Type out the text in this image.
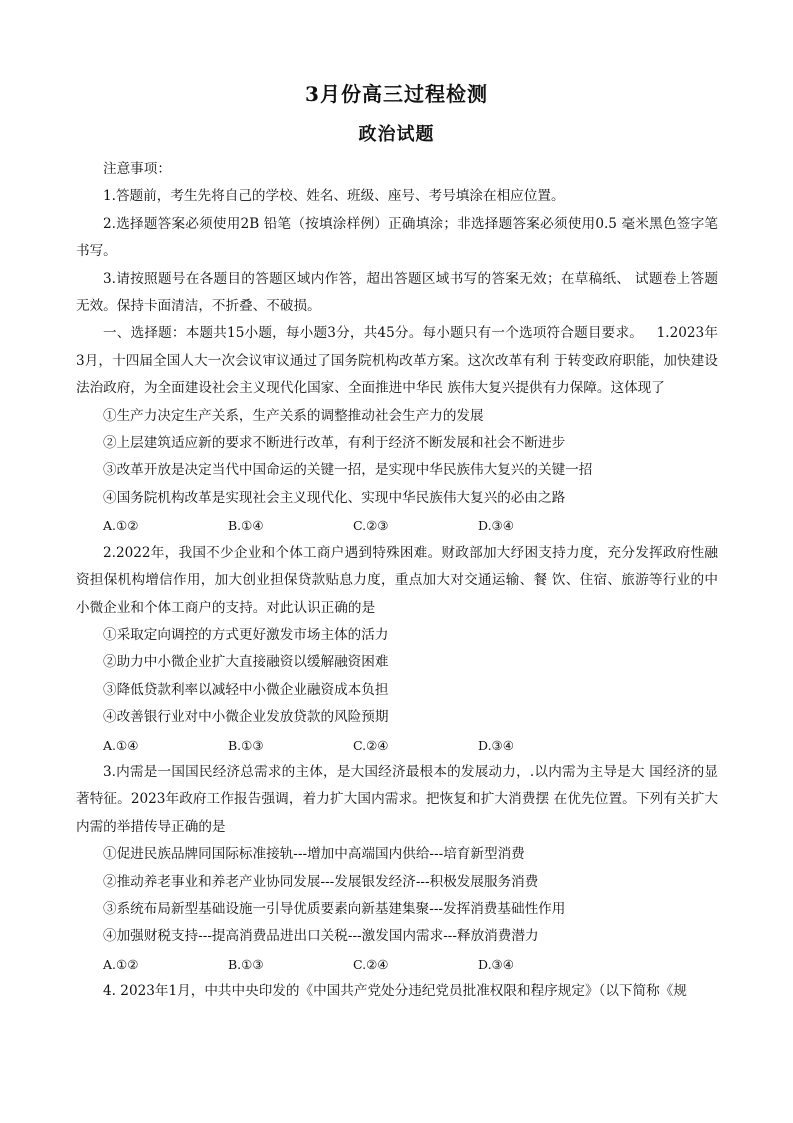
3月份高三过程检测
政治试题

注意事项：

1.答题前，考生先将自己的学校、姓名、班级、座号、考号填涂在相应位置。

2.选择题答案必须使用2B 铅笔（按填涂样例）正确填涂；非选择题答案必须使用0.5 毫米黑色签字笔书写。

3.请按照题号在各题目的答题区域内作答，超出答题区域书写的答案无效；在草稿纸、 试题卷上答题无效。保持卡面清洁，不折叠、不破损。

一、选择题：本题共15小题，每小题3分，共45分。每小题只有一个选项符合题目要求。  1.2023年3月，十四届全国人大一次会议审议通过了国务院机构改革方案。这次改革有利 于转变政府职能，加快建设法治政府，为全面建设社会主义现代化国家、全面推进中华民 族伟大复兴提供有力保障。这体现了

①生产力决定生产关系，生产关系的调整推动社会生产力的发展

②上层建筑适应新的要求不断进行改革，有利于经济不断发展和社会不断进步

③改革开放是决定当代中国命运的关键一招，是实现中华民族伟大复兴的关键一招

④国务院机构改革是实现社会主义现代化、实现中华民族伟大复兴的必由之路

A.①②	B.①④	C.②③	D.③④

2.2022年，我国不少企业和个体工商户遇到特殊困难。财政部加大纾困支持力度，充分发挥政府性融资担保机构增信作用，加大创业担保贷款贴息力度，重点加大对交通运输、餐 饮、住宿、旅游等行业的中小微企业和个体工商户的支持。对此认识正确的是

①采取定向调控的方式更好激发市场主体的活力

②助力中小微企业扩大直接融资以缓解融资困难

③降低贷款利率以减轻中小微企业融资成本负担

④改善银行业对中小微企业发放贷款的风险预期

A.①④	B.①③	C.②④	D.③④

3.内需是一国国民经济总需求的主体，是大国经济最根本的发展动力，.以内需为主导是大 国经济的显著特征。2023年政府工作报告强调，着力扩大国内需求。把恢复和扩大消费摆 在优先位置。下列有关扩大内需的举措传导正确的是

①促进民族品牌同国际标准接轨---增加中高端国内供给---培育新型消费

②推动养老事业和养老产业协同发展---发展银发经济---积极发展服务消费

③系统布局新型基础设施一引导优质要素向新基建集聚---发挥消费基础性作用

④加强财税支持---提高消费品进出口关税---激发国内需求---释放消费潜力

A.①②	B.①③	C.②④	D.③④

4. 2023年1月，中共中央印发的《中国共产党处分违纪党员批准权限和程序规定》（以下简称《规
